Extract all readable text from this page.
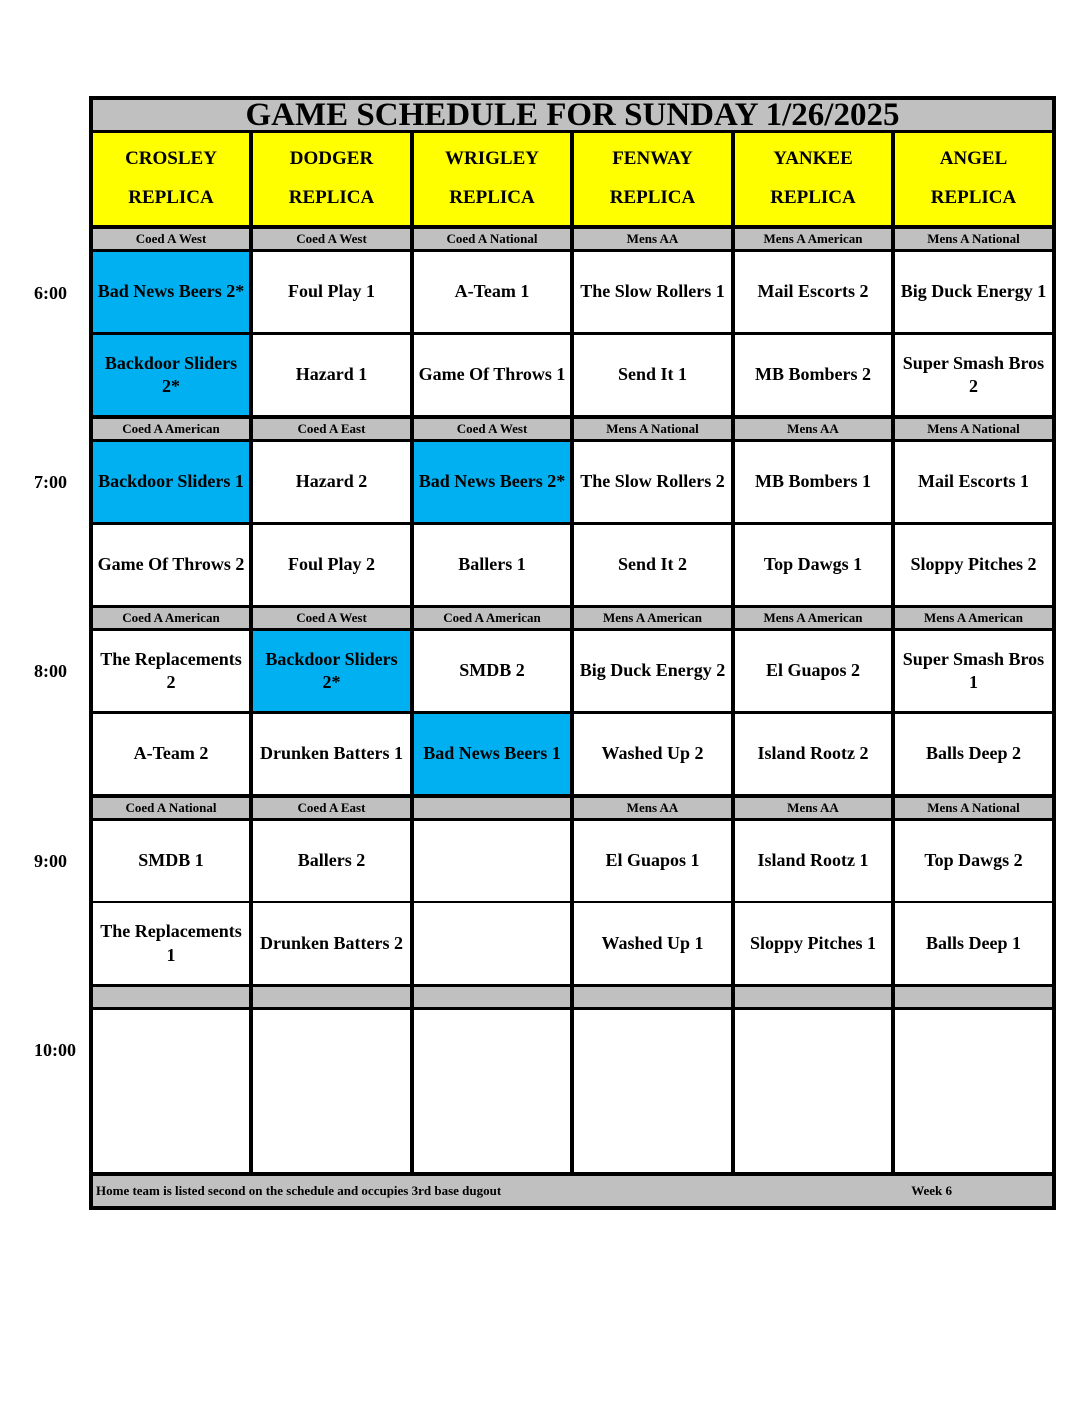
6:00
7:00
8:00
9:00
10:00
GAME SCHEDULE FOR SUNDAY 1/26/2025
CROSLEY
REPLICA
DODGER
REPLICA
WRIGLEY
REPLICA
FENWAY
REPLICA
YANKEE
REPLICA
ANGEL
REPLICA
Coed A West
Bad News Beers 2*
Backdoor Sliders 2*
Coed A West
Foul Play 1
Hazard 1
Coed A National
A-Team 1
Game Of Throws 1
Mens AA
The Slow Rollers 1
Send It 1
Mens A American
Mail Escorts 2
MB Bombers 2
Mens A National
Big Duck Energy 1
Super Smash Bros 2
Coed A American
Backdoor Sliders 1
Game Of Throws 2
Coed A East
Hazard 2
Foul Play 2
Coed A West
Bad News Beers 2*
Ballers 1
Mens A National
The Slow Rollers 2
Send It 2
Mens AA
MB Bombers 1
Top Dawgs 1
Mens A National
Mail Escorts 1
Sloppy Pitches 2
Coed A American
The Replacements 2
A-Team 2
Coed A West
Backdoor Sliders 2*
Drunken Batters 1
Coed A American
SMDB 2
Bad News Beers 1
Mens A American
Big Duck Energy 2
Washed Up 2
Mens A American
El Guapos 2
Island Rootz 2
Mens A American
Super Smash Bros 1
Balls Deep 2
Coed A National
SMDB 1
The Replacements 1
Coed A East
Ballers 2
Drunken Batters 2
Mens AA
El Guapos 1
Washed Up 1
Mens AA
Island Rootz 1
Sloppy Pitches 1
Mens A National
Top Dawgs 2
Balls Deep 1
Home team is listed second on the schedule and occupies 3rd base dugout	Week 6
